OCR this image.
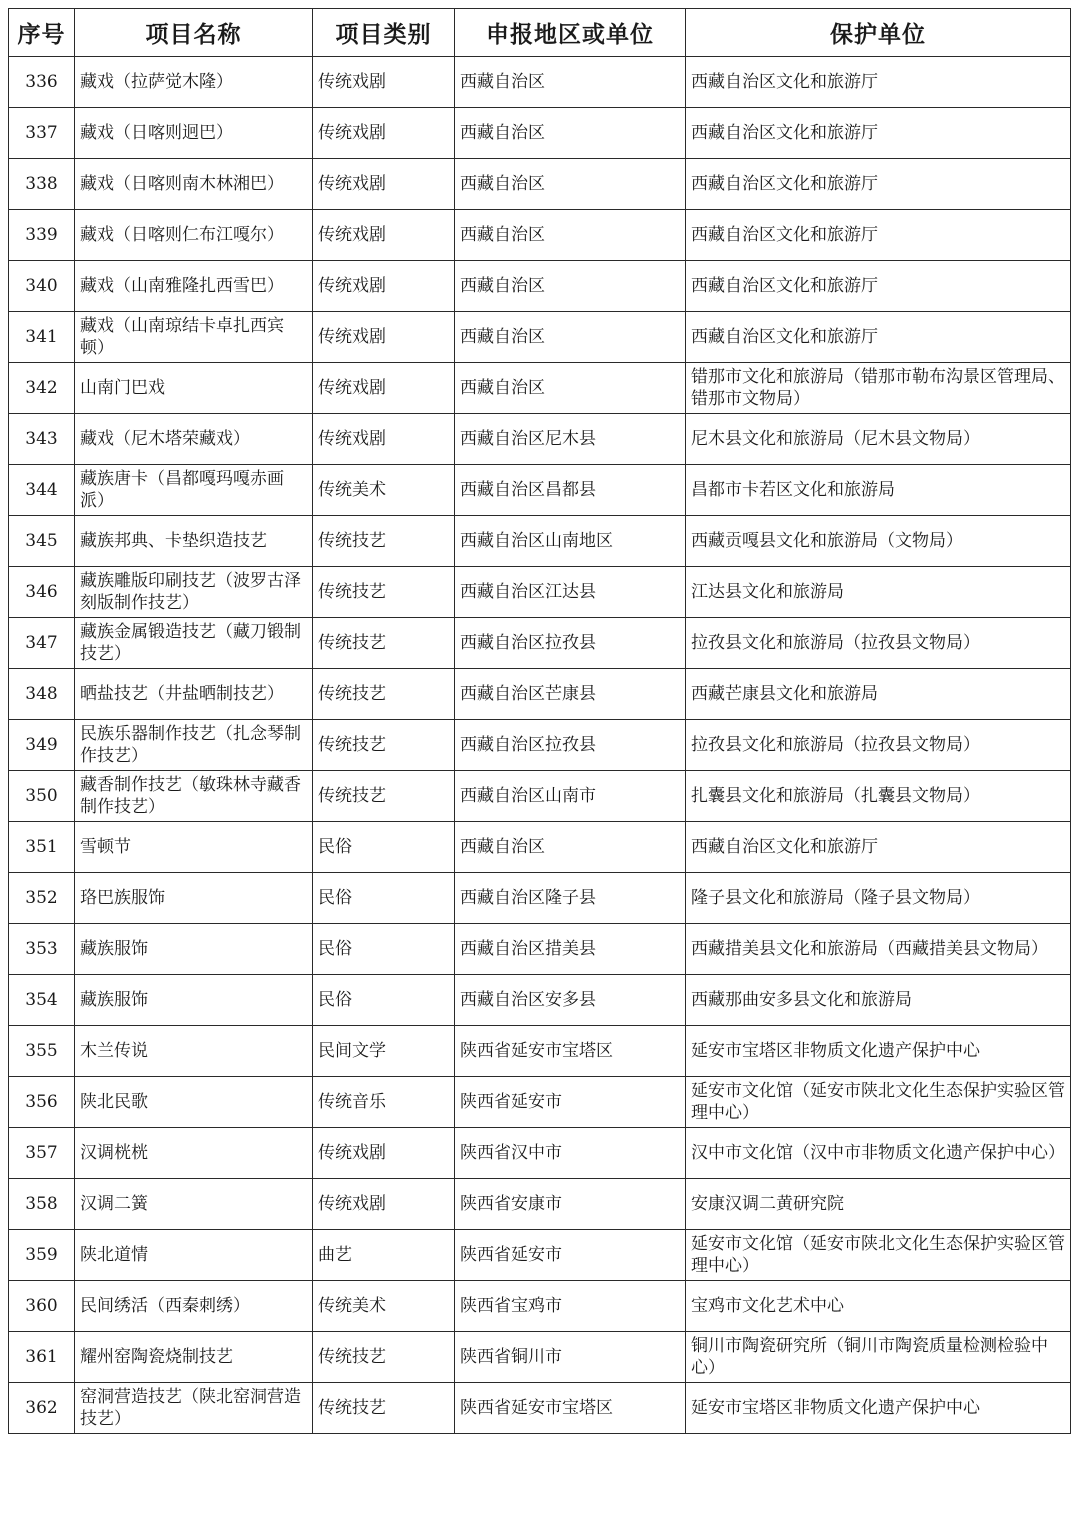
序号	项目名称	项目类别	申报地区或单位	保护单位
336	藏戏（拉萨觉木隆）	传统戏剧	西藏自治区	西藏自治区文化和旅游厅
337	藏戏（日喀则迥巴）	传统戏剧	西藏自治区	西藏自治区文化和旅游厅
338	藏戏（日喀则南木林湘巴）	传统戏剧	西藏自治区	西藏自治区文化和旅游厅
339	藏戏（日喀则仁布江嘎尔）	传统戏剧	西藏自治区	西藏自治区文化和旅游厅
340	藏戏（山南雅隆扎西雪巴）	传统戏剧	西藏自治区	西藏自治区文化和旅游厅
341	藏戏（山南琼结卡卓扎西宾顿）	传统戏剧	西藏自治区	西藏自治区文化和旅游厅
342	山南门巴戏	传统戏剧	西藏自治区	错那市文化和旅游局（错那市勒布沟景区管理局、错那市文物局）
343	藏戏（尼木塔荣藏戏）	传统戏剧	西藏自治区尼木县	尼木县文化和旅游局（尼木县文物局）
344	藏族唐卡（昌都嘎玛嘎赤画派）	传统美术	西藏自治区昌都县	昌都市卡若区文化和旅游局
345	藏族邦典、卡垫织造技艺	传统技艺	西藏自治区山南地区	西藏贡嘎县文化和旅游局（文物局）
346	藏族雕版印刷技艺（波罗古泽刻版制作技艺）	传统技艺	西藏自治区江达县	江达县文化和旅游局
347	藏族金属锻造技艺（藏刀锻制技艺）	传统技艺	西藏自治区拉孜县	拉孜县文化和旅游局（拉孜县文物局）
348	晒盐技艺（井盐晒制技艺）	传统技艺	西藏自治区芒康县	西藏芒康县文化和旅游局
349	民族乐器制作技艺（扎念琴制作技艺）	传统技艺	西藏自治区拉孜县	拉孜县文化和旅游局（拉孜县文物局）
350	藏香制作技艺（敏珠林寺藏香制作技艺）	传统技艺	西藏自治区山南市	扎囊县文化和旅游局（扎囊县文物局）
351	雪顿节	民俗	西藏自治区	西藏自治区文化和旅游厅
352	珞巴族服饰	民俗	西藏自治区隆子县	隆子县文化和旅游局（隆子县文物局）
353	藏族服饰	民俗	西藏自治区措美县	西藏措美县文化和旅游局（西藏措美县文物局）
354	藏族服饰	民俗	西藏自治区安多县	西藏那曲安多县文化和旅游局
355	木兰传说	民间文学	陕西省延安市宝塔区	延安市宝塔区非物质文化遗产保护中心
356	陕北民歌	传统音乐	陕西省延安市	延安市文化馆（延安市陕北文化生态保护实验区管理中心）
357	汉调桄桄	传统戏剧	陕西省汉中市	汉中市文化馆（汉中市非物质文化遗产保护中心）
358	汉调二簧	传统戏剧	陕西省安康市	安康汉调二黄研究院
359	陕北道情	曲艺	陕西省延安市	延安市文化馆（延安市陕北文化生态保护实验区管理中心）
360	民间绣活（西秦刺绣）	传统美术	陕西省宝鸡市	宝鸡市文化艺术中心
361	耀州窑陶瓷烧制技艺	传统技艺	陕西省铜川市	铜川市陶瓷研究所（铜川市陶瓷质量检测检验中心）
362	窑洞营造技艺（陕北窑洞营造技艺）	传统技艺	陕西省延安市宝塔区	延安市宝塔区非物质文化遗产保护中心
